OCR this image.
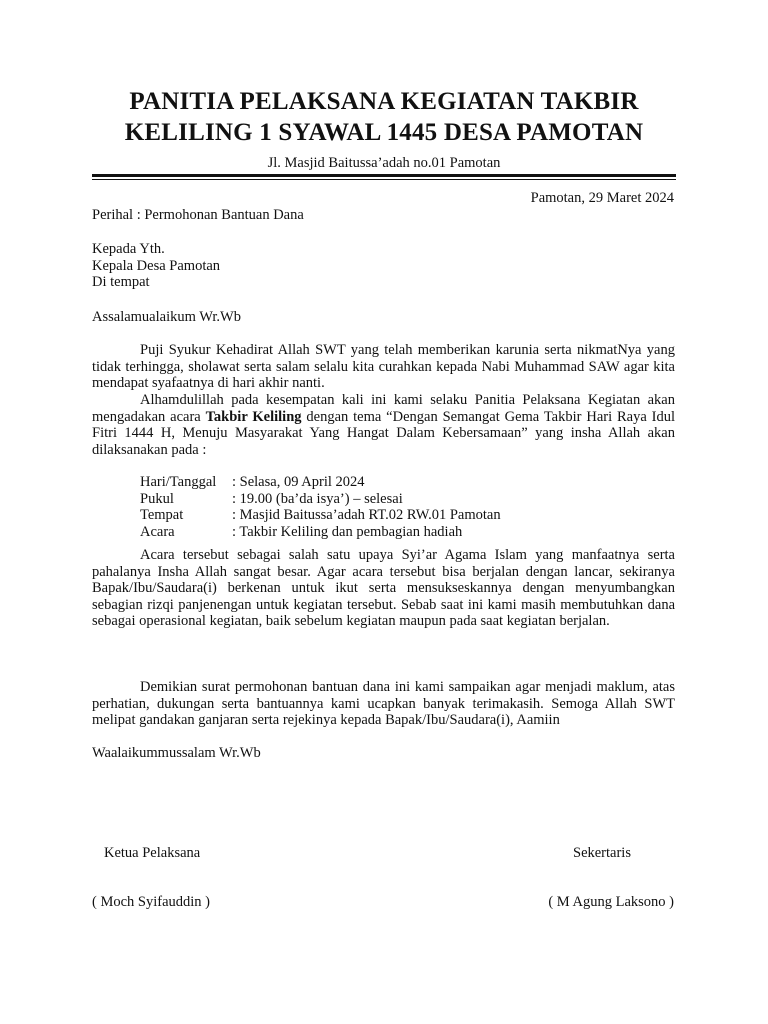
PANITIA PELAKSANA KEGIATAN TAKBIR
KELILING 1 SYAWAL 1445 DESA PAMOTAN
Jl. Masjid Baitussa’adah no.01 Pamotan
Pamotan, 29 Maret 2024
Perihal : Permohonan Bantuan Dana
Kepada Yth.
Kepala Desa Pamotan
Di tempat
Assalamualaikum Wr.Wb
Puji Syukur Kehadirat Allah SWT yang telah memberikan karunia serta nikmatNya yang tidak terhingga, sholawat serta salam selalu kita curahkan kepada Nabi Muhammad SAW agar kita mendapat syafaatnya di hari akhir nanti.
Alhamdulillah pada kesempatan kali ini kami selaku Panitia Pelaksana Kegiatan akan mengadakan acara Takbir Keliling dengan tema “Dengan Semangat Gema Takbir Hari Raya Idul Fitri 1444 H, Menuju Masyarakat Yang Hangat Dalam Kebersamaan” yang insha Allah akan dilaksanakan pada :
Hari/Tanggal	: Selasa, 09 April 2024
Pukul	: 19.00 (ba’da isya’) – selesai
Tempat	: Masjid Baitussa’adah RT.02 RW.01 Pamotan
Acara	: Takbir Keliling dan pembagian hadiah
Acara tersebut sebagai salah satu upaya Syi’ar Agama Islam yang manfaatnya serta pahalanya Insha Allah sangat besar. Agar acara tersebut bisa berjalan dengan lancar, sekiranya Bapak/Ibu/Saudara(i) berkenan untuk ikut serta mensukseskannya dengan menyumbangkan sebagian rizqi panjenengan untuk kegiatan tersebut. Sebab saat ini kami masih membutuhkan dana sebagai operasional kegiatan, baik sebelum kegiatan maupun pada saat kegiatan berjalan.
Demikian surat permohonan bantuan dana ini kami sampaikan agar menjadi maklum, atas perhatian, dukungan serta bantuannya kami ucapkan banyak terimakasih. Semoga Allah SWT melipat gandakan ganjaran serta rejekinya kepada Bapak/Ibu/Saudara(i), Aamiin
Waalaikummussalam Wr.Wb
Ketua Pelaksana	Sekertaris
( Moch Syifauddin )	( M Agung Laksono )
